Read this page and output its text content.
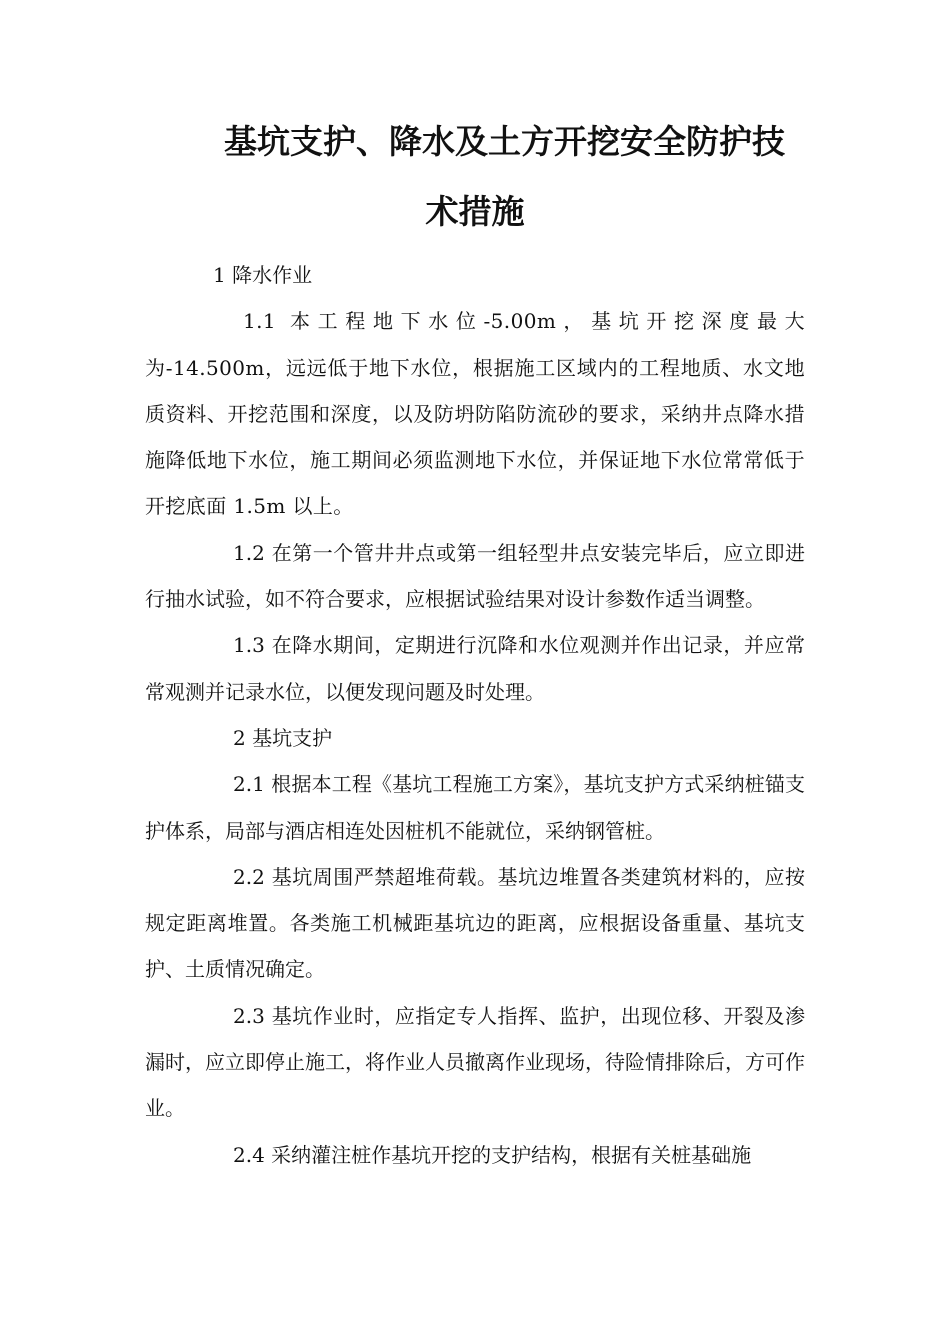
基坑支护、降水及土方开挖安全防护技
术措施

1 降水作业

1.1 本工程地下水位-5.00m，基坑开挖深度最大为-14.500m，远远低于地下水位，根据施工区域内的工程地质、水文地质资料、开挖范围和深度，以及防坍防陷防流砂的要求，采纳井点降水措施降低地下水位，施工期间必须监测地下水位，并保证地下水位常常低于开挖底面 1.5m 以上。

1.2 在第一个管井井点或第一组轻型井点安装完毕后，应立即进行抽水试验，如不符合要求，应根据试验结果对设计参数作适当调整。

1.3 在降水期间，定期进行沉降和水位观测并作出记录，并应常常观测并记录水位，以便发现问题及时处理。

2 基坑支护

2.1 根据本工程《基坑工程施工方案》，基坑支护方式采纳桩锚支护体系，局部与酒店相连处因桩机不能就位，采纳钢管桩。

2.2 基坑周围严禁超堆荷载。基坑边堆置各类建筑材料的，应按规定距离堆置。各类施工机械距基坑边的距离，应根据设备重量、基坑支护、土质情况确定。

2.3 基坑作业时，应指定专人指挥、监护，出现位移、开裂及渗漏时，应立即停止施工，将作业人员撤离作业现场，待险情排除后，方可作业。

2.4 采纳灌注桩作基坑开挖的支护结构，根据有关桩基础施
